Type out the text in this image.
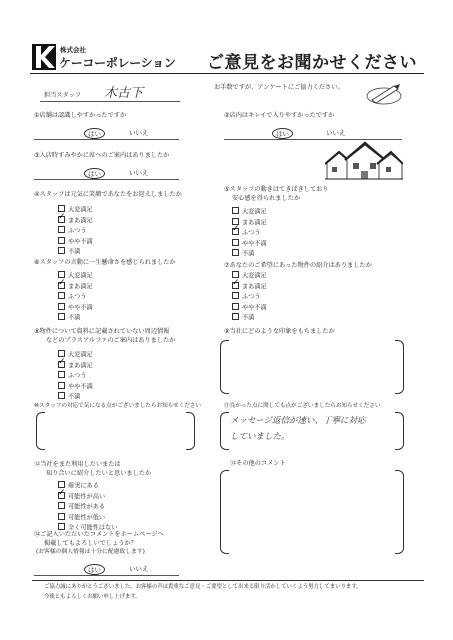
株式会社
ケーコーポレーション ご意見をお聞かせください
お手数ですが、アンケートにご協力ください。
担当スタッフ 木古下
①店舗は認識しやすかったですか
はい	いいえ
②店内はキレイで入りやすかったですか
はい	いいえ
③入店時すみやかに席へのご案内はありましたか
はい	いいえ
④スタッフは元気に笑顔であなたをお迎えしましたか
大変満足
✓まあ満足
ふつう
やや不満
不満
⑤スタッフの動きはてきぱきしており
安心感を得られましたか
大変満足
まあ満足
✓ふつう
やや不満
不満
⑥スタッフの言動に一生懸命さを感じられましたか
大変満足
✓まあ満足
ふつう
やや不満
不満
⑦あなたのご希望にあった物件の紹介はありましたか
大変満足
✓まあ満足
ふつう
やや不満
不満
⑧物件について資料に記載されていない周辺情報
などのプラスアルファのご案内はありましたか
大変満足
✓まあ満足
ふつう
やや不満
不満
⑨当社にどのような印象をもちましたか
⑩スタッフの対応で気になる点がございましたらお知らせください	⑪良かった点に関しても点がございましたらお知らせください
メッセージ返信が速い、丁寧に対応
していました。
⑫当社をまた利用したいまたは
知り合いに紹介したいと思いましたか
確実にある
✓可能性が高い
可能性がある
可能性が低い
全く可能性はない
⑬その他のコメント
⑭ご記入いただいたコメントをホームページへ
掲載してもよろしいでしょうか？
(お客様の個人情報は十分に配慮致します)
はい	いいえ
ご協力誠にありがとうございました。お客様の声は貴重なご意見・ご要望として出来る限り活かしていくよう努力してまいります。
今後ともよろしくお願い申し上げます。
